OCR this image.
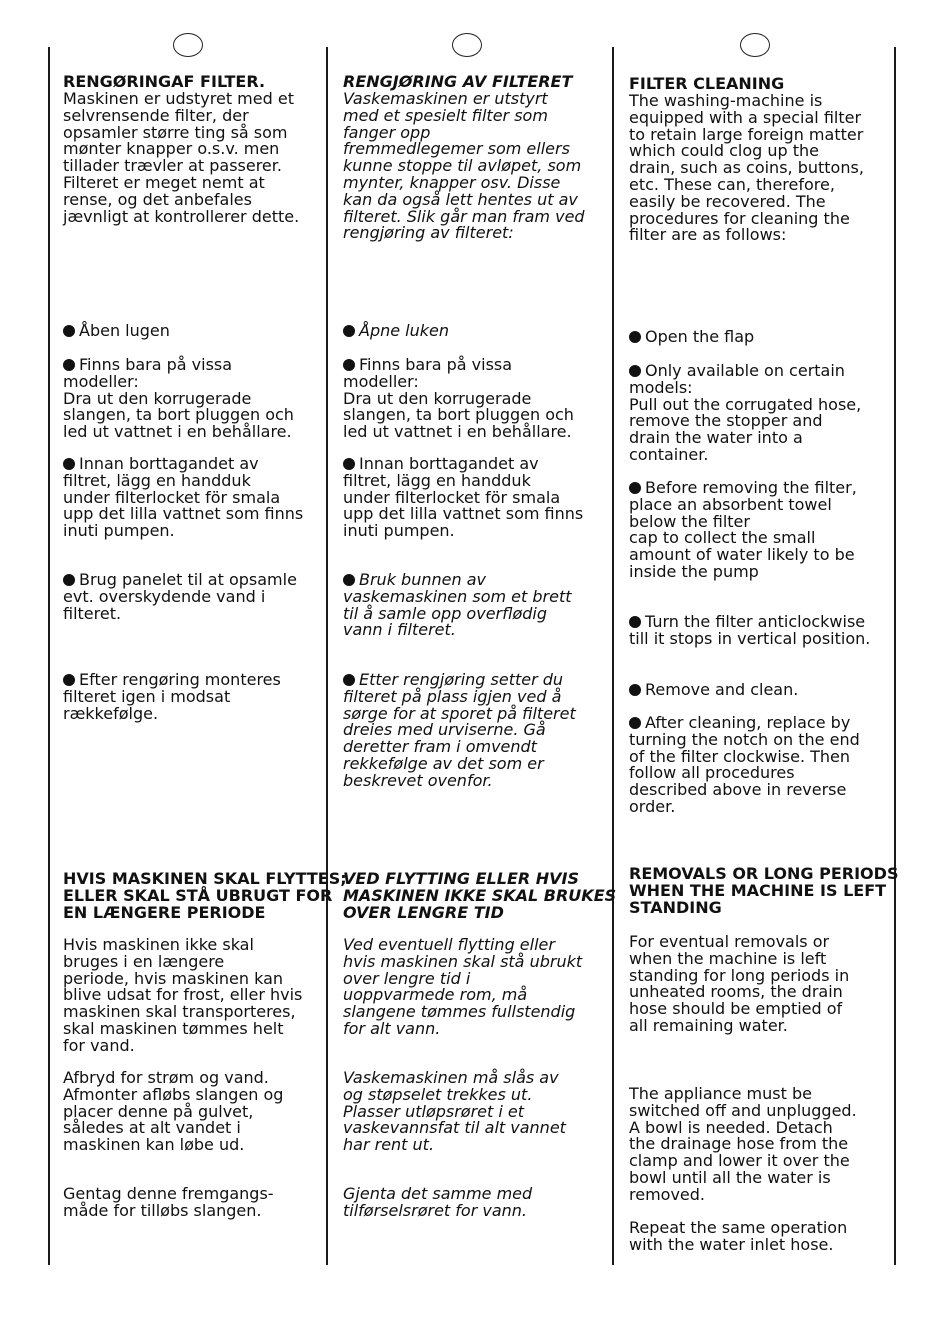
RENGØRINGAF FILTER.
Maskinen er udstyret med et
selvrensende filter, der
opsamler større ting så som
mønter knapper o.s.v. men
tillader trævler at passerer.
Filteret er meget nemt at
rense, og det anbefales
jævnligt at kontrollerer dette.
Åben lugen
Finns bara på vissa
modeller:
Dra ut den korrugerade
slangen, ta bort pluggen och
led ut vattnet i en behållare.
Innan borttagandet av
filtret, lägg en handduk
under filterlocket för smala
upp det lilla vattnet som finns
inuti pumpen.
Brug panelet til at opsamle
evt. overskydende vand i
filteret.
Efter rengøring monteres
filteret igen i modsat
rækkefølge.
HVIS MASKINEN SKAL FLYTTES;
ELLER SKAL STÅ UBRUGT FOR
EN LÆNGERE PERIODE
Hvis maskinen ikke skal
bruges i en længere
periode, hvis maskinen kan
blive udsat for frost, eller hvis
maskinen skal transporteres,
skal maskinen tømmes helt
for vand.
Afbryd for strøm og vand.
Afmonter afløbs slangen og
placer denne på gulvet,
således at alt vandet i
maskinen kan løbe ud.
Gentag denne fremgangs-
måde for tilløbs slangen.
RENGJØRING AV FILTERET
Vaskemaskinen er utstyrt
med et spesielt filter som
fanger opp
fremmedlegemer som ellers
kunne stoppe til avløpet, som
mynter, knapper osv. Disse
kan da også lett hentes ut av
filteret. Slik går man fram ved
rengjøring av filteret:
Åpne luken
Finns bara på vissa
modeller:
Dra ut den korrugerade
slangen, ta bort pluggen och
led ut vattnet i en behållare.
Innan borttagandet av
filtret, lägg en handduk
under filterlocket för smala
upp det lilla vattnet som finns
inuti pumpen.
Bruk bunnen av
vaskemaskinen som et brett
til å samle opp overflødig
vann i filteret.
Etter rengjøring setter du
filteret på plass igjen ved å
sørge for at sporet på filteret
dreies med urviserne. Gå
deretter fram i omvendt
rekkefølge av det som er
beskrevet ovenfor.
VED FLYTTING ELLER HVIS
MASKINEN IKKE SKAL BRUKES
OVER LENGRE TID
Ved eventuell flytting eller
hvis maskinen skal stå ubrukt
over lengre tid i
uoppvarmede rom, må
slangene tømmes fullstendig
for alt vann.
Vaskemaskinen må slås av
og støpselet trekkes ut.
Plasser utløpsrøret i et
vaskevannsfat til alt vannet
har rent ut.
Gjenta det samme med
tilførselsrøret for vann.
FILTER CLEANING
The washing-machine is
equipped with a special filter
to retain large foreign matter
which could clog up the
drain, such as coins, buttons,
etc. These can, therefore,
easily be recovered. The
procedures for cleaning the
filter are as follows:
Open the flap
Only available on certain
models:
Pull out the corrugated hose,
remove the stopper and
drain the water into a
container.
Before removing the filter,
place an absorbent towel
below the filter
cap to collect the small
amount of water likely to be
inside the pump
Turn the filter anticlockwise
till it stops in vertical position.
Remove and clean.
After cleaning, replace by
turning the notch on the end
of the filter clockwise. Then
follow all procedures
described above in reverse
order.
REMOVALS OR LONG PERIODS
WHEN THE MACHINE IS LEFT
STANDING
For eventual removals or
when the machine is left
standing for long periods in
unheated rooms, the drain
hose should be emptied of
all remaining water.
The appliance must be
switched off and unplugged.
A bowl is needed. Detach
the drainage hose from the
clamp and lower it over the
bowl until all the water is
removed.
Repeat the same operation
with the water inlet hose.
